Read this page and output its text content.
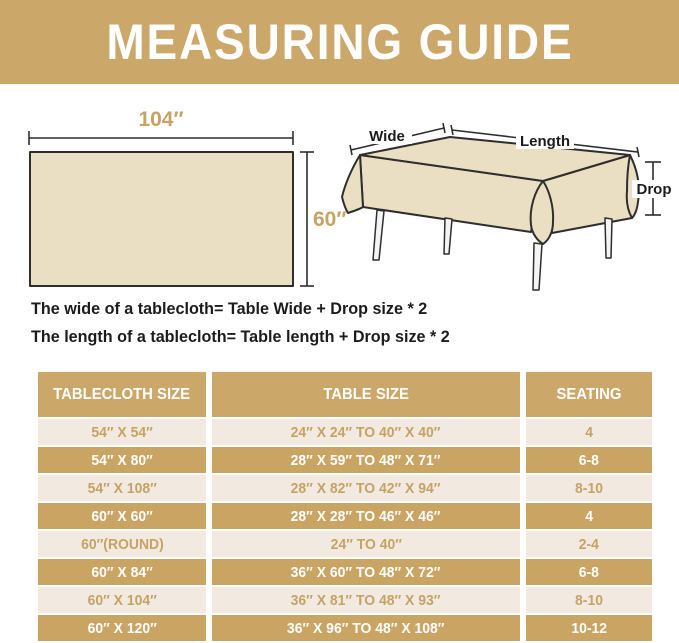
MEASURING GUIDE
104″
60″
Wide	Length
Drop
The wide of a tablecloth= Table Wide + Drop size * 2
The length of a tablecloth= Table length + Drop size * 2
TABLECLOTH SIZE	TABLE SIZE	SEATING
54″ X 54″	24″ X 24″ TO 40″ X 40″	4
54″ X 80″	28″ X 59″ TO 48″ X 71″	6-8
54″ X 108″	28″ X 82″ TO 42″ X 94″	8-10
60″ X 60″	28″ X 28″ TO 46″ X 46″	4
60″(ROUND)	24″ TO 40″	2-4
60″ X 84″	36″ X 60″ TO 48″ X 72″	6-8
60″ X 104″	36″ X 81″ TO 48″ X 93″	8-10
60″ X 120″	36″ X 96″ TO 48″ X 108″	10-12
